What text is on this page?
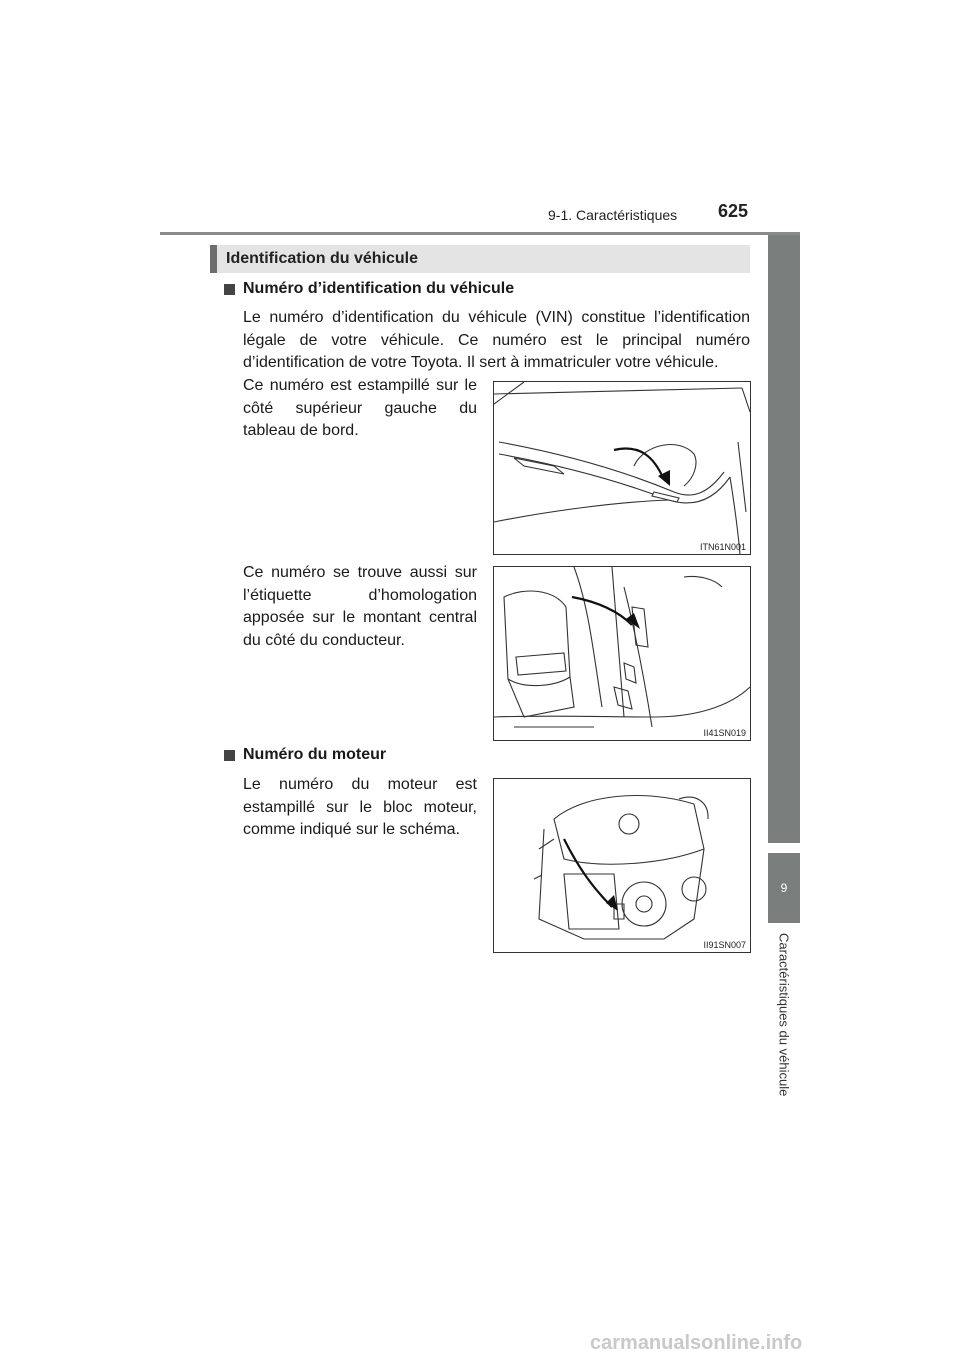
9-1. Caractéristiques 625
9
Caractéristiques du véhicule
Identification du véhicule
Numéro d’identification du véhicule
Le numéro d’identification du véhicule (VIN) constitue l’identification légale de votre véhicule. Ce numéro est le principal numéro d’identification de votre Toyota. Il sert à immatriculer votre véhicule.
Ce numéro est estampillé sur le côté supérieur gauche du tableau de bord.
ITN61N001
Ce numéro se trouve aussi sur l’étiquette d’homologation apposée sur le montant central du côté du conducteur.
II41SN019
Numéro du moteur
Le numéro du moteur est estampillé sur le bloc moteur, comme indiqué sur le schéma.
II91SN007
carmanualsonline.info
